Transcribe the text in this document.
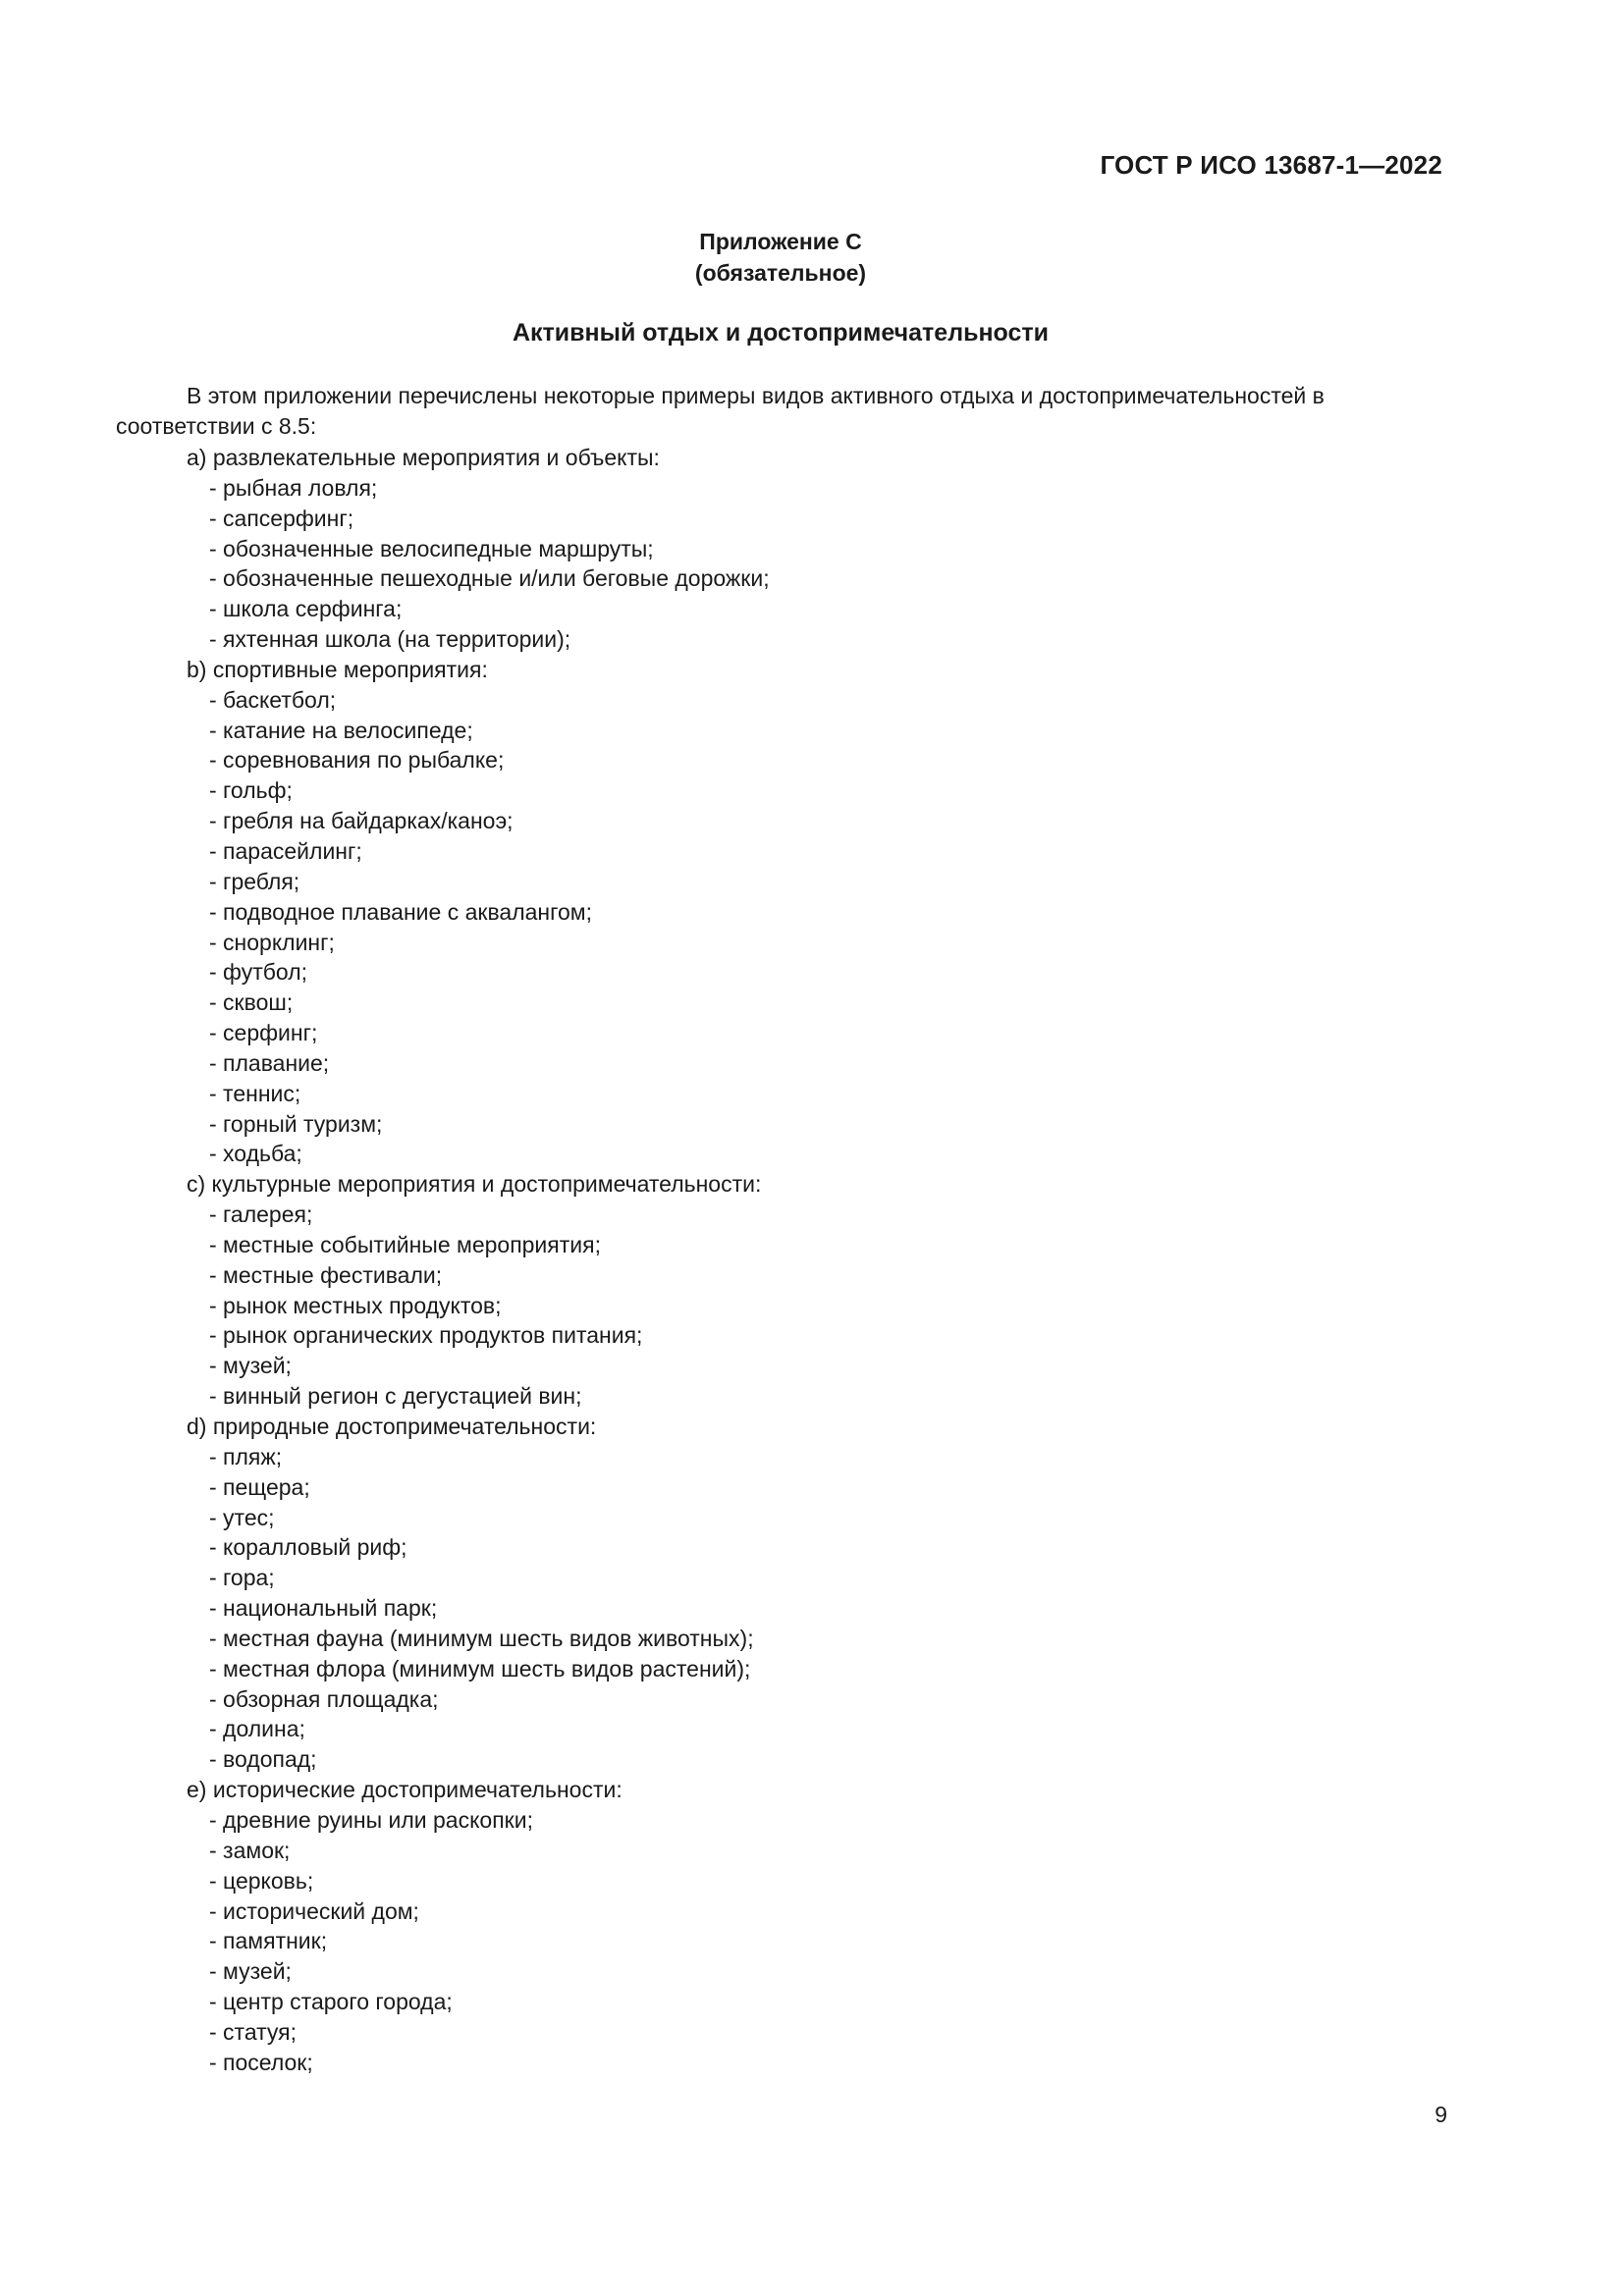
ГОСТ Р ИСО 13687-1—2022
Приложение C
(обязательное)
Активный отдых и достопримечательности

В этом приложении перечислены некоторые примеры видов активного отдыха и достопримечательностей в соответствии с 8.5:

a) развлекательные мероприятия и объекты:
- рыбная ловля;
- сапсерфинг;
- обозначенные велосипедные маршруты;
- обозначенные пешеходные и/или беговые дорожки;
- школа серфинга;
- яхтенная школа (на территории);
b) спортивные мероприятия:
- баскетбол;
- катание на велосипеде;
- соревнования по рыбалке;
- гольф;
- гребля на байдарках/каноэ;
- парасейлинг;
- гребля;
- подводное плавание с аквалангом;
- снорклинг;
- футбол;
- сквош;
- серфинг;
- плавание;
- теннис;
- горный туризм;
- ходьба;
c) культурные мероприятия и достопримечательности:
- галерея;
- местные событийные мероприятия;
- местные фестивали;
- рынок местных продуктов;
- рынок органических продуктов питания;
- музей;
- винный регион с дегустацией вин;
d) природные достопримечательности:
- пляж;
- пещера;
- утес;
- коралловый риф;
- гора;
- национальный парк;
- местная фауна (минимум шесть видов животных);
- местная флора (минимум шесть видов растений);
- обзорная площадка;
- долина;
- водопад;
e) исторические достопримечательности:
- древние руины или раскопки;
- замок;
- церковь;
- исторический дом;
- памятник;
- музей;
- центр старого города;
- статуя;
- поселок;
9
